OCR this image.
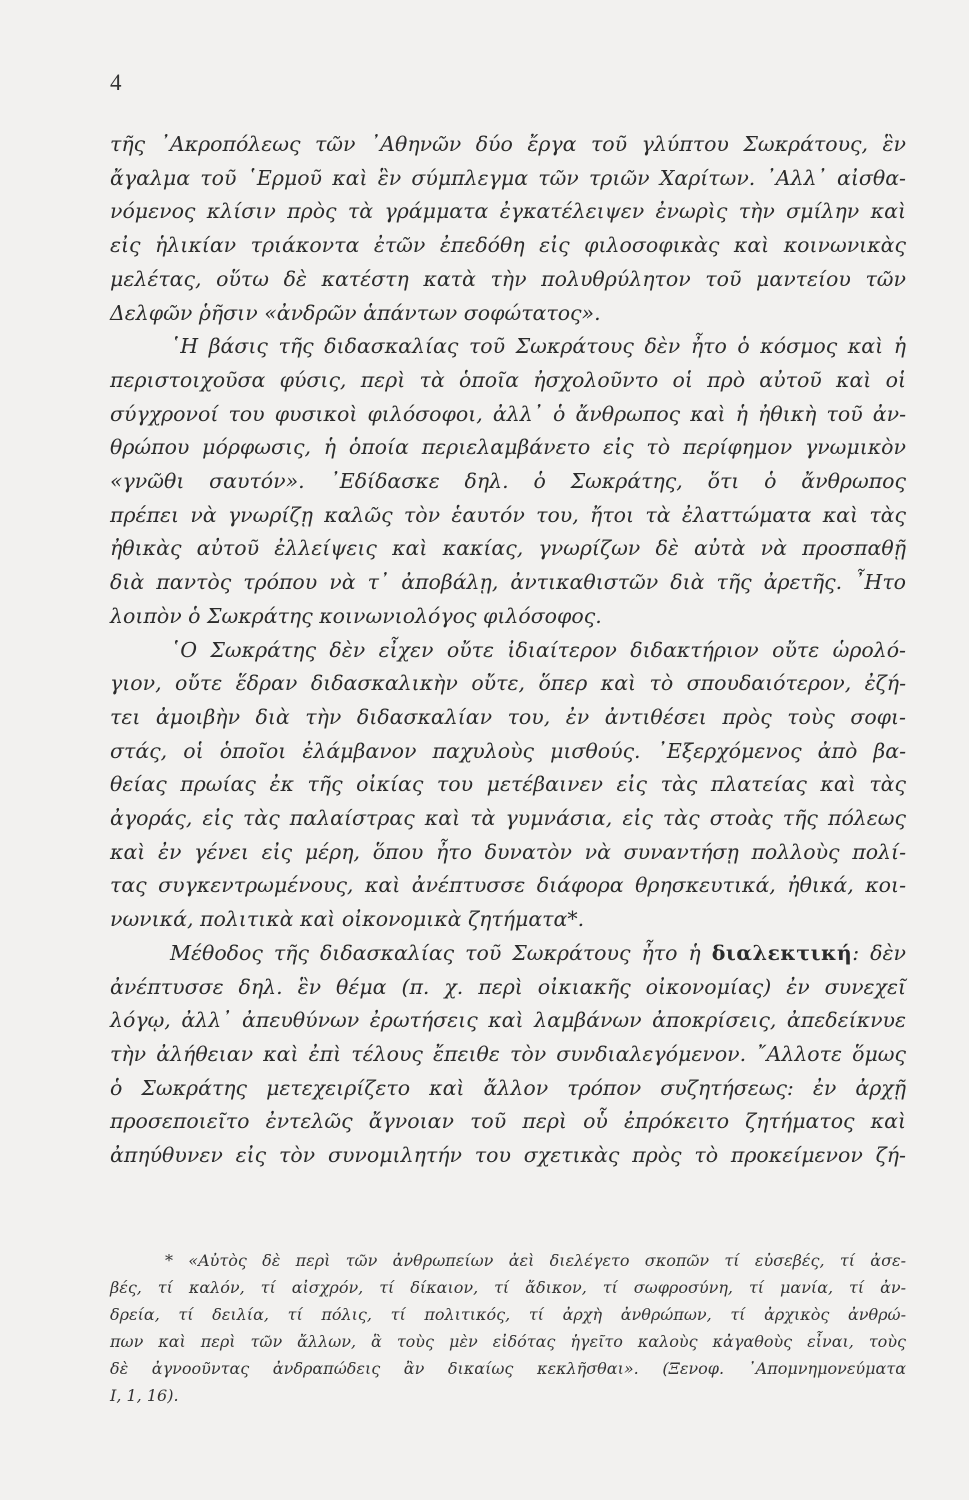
4
τῆς ᾽Ακροπόλεως τῶν ᾽Αθηνῶν δύο ἔργα τοῦ γλύπτου Σωκράτους, ἓν
ἄγαλμα τοῦ ῾Ερμοῦ καὶ ἓν σύμπλεγμα τῶν τριῶν Χαρίτων. ᾽Αλλ᾽ αἰσθα-
νόμενος κλίσιν πρὸς τὰ γράμματα ἐγκατέλειψεν ἐνωρὶς τὴν σμίλην καὶ
εἰς ἡλικίαν τριάκοντα ἐτῶν ἐπεδόθη εἰς φιλοσοφικὰς καὶ κοινωνικὰς
μελέτας, οὕτω δὲ κατέστη κατὰ τὴν πολυθρύλητον τοῦ μαντείου τῶν
Δελφῶν ῥῆσιν «ἀνδρῶν ἁπάντων σοφώτατος».
῾Η βάσις τῆς διδασκαλίας τοῦ Σωκράτους δὲν ἦτο ὁ κόσμος καὶ ἡ
περιστοιχοῦσα φύσις, περὶ τὰ ὁποῖα ἠσχολοῦντο οἱ πρὸ αὐτοῦ καὶ οἱ
σύγχρονοί του φυσικοὶ φιλόσοφοι, ἀλλ᾽ ὁ ἄνθρωπος καὶ ἡ ἠθικὴ τοῦ ἀν-
θρώπου μόρφωσις, ἡ ὁποία περιελαμβάνετο εἰς τὸ περίφημον γνωμικὸν
«γνῶθι σαυτόν». ᾽Εδίδασκε δηλ. ὁ Σωκράτης, ὅτι ὁ ἄνθρωπος
πρέπει νὰ γνωρίζῃ καλῶς τὸν ἑαυτόν του, ἤτοι τὰ ἐλαττώματα καὶ τὰς
ἠθικὰς αὐτοῦ ἐλλείψεις καὶ κακίας, γνωρίζων δὲ αὐτὰ νὰ προσπαθῇ
διὰ παντὸς τρόπου νὰ τ᾽ ἀποβάλῃ, ἀντικαθιστῶν διὰ τῆς ἀρετῆς. ῏Ητο
λοιπὸν ὁ Σωκράτης κοινωνιολόγος φιλόσοφος.
῾Ο Σωκράτης δὲν εἶχεν οὔτε ἰδιαίτερον διδακτήριον οὔτε ὡρολό-
γιον, οὔτε ἕδραν διδασκαλικὴν οὔτε, ὅπερ καὶ τὸ σπουδαιότερον, ἐζή-
τει ἀμοιβὴν διὰ τὴν διδασκαλίαν του, ἐν ἀντιθέσει πρὸς τοὺς σοφι-
στάς, οἱ ὁποῖοι ἐλάμβανον παχυλοὺς μισθούς. ᾽Εξερχόμενος ἀπὸ βα-
θείας πρωίας ἐκ τῆς οἰκίας του μετέβαινεν εἰς τὰς πλατείας καὶ τὰς
ἀγοράς, εἰς τὰς παλαίστρας καὶ τὰ γυμνάσια, εἰς τὰς στοὰς τῆς πόλεως
καὶ ἐν γένει εἰς μέρη, ὅπου ἦτο δυνατὸν νὰ συναντήσῃ πολλοὺς πολί-
τας συγκεντρωμένους, καὶ ἀνέπτυσσε διάφορα θρησκευτικά, ἠθικά, κοι-
νωνικά, πολιτικὰ καὶ οἰκονομικὰ ζητήματα*.
Μέθοδος τῆς διδασκαλίας τοῦ Σωκράτους ἦτο ἡ διαλεκτική: δὲν
ἀνέπτυσσε δηλ. ἓν θέμα (π. χ. περὶ οἰκιακῆς οἰκονομίας) ἐν συνεχεῖ
λόγῳ, ἀλλ᾽ ἀπευθύνων ἐρωτήσεις καὶ λαμβάνων ἀποκρίσεις, ἀπεδείκνυε
τὴν ἀλήθειαν καὶ ἐπὶ τέλους ἔπειθε τὸν συνδιαλεγόμενον. ῎Αλλοτε ὅμως
ὁ Σωκράτης μετεχειρίζετο καὶ ἄλλον τρόπον συζητήσεως: ἐν ἀρχῇ
προσεποιεῖτο ἐντελῶς ἄγνοιαν τοῦ περὶ οὗ ἐπρόκειτο ζητήματος καὶ
ἀπηύθυνεν εἰς τὸν συνομιλητήν του σχετικὰς πρὸς τὸ προκείμενον ζή-
* «Αὐτὸς δὲ περὶ τῶν ἀνθρωπείων ἀεὶ διελέγετο σκοπῶν τί εὐσεβές, τί ἀσε-
βές, τί καλόν, τί αἰσχρόν, τί δίκαιον, τί ἄδικον, τί σωφροσύνη, τί μανία, τί ἀν-
δρεία, τί δειλία, τί πόλις, τί πολιτικός, τί ἀρχὴ ἀνθρώπων, τί ἀρχικὸς ἀνθρώ-
πων καὶ περὶ τῶν ἄλλων, ἃ τοὺς μὲν εἰδότας ἡγεῖτο καλοὺς κἀγαθοὺς εἶναι, τοὺς
δὲ ἀγνοοῦντας ἀνδραπώδεις ἂν δικαίως κεκλῆσθαι». (Ξενοφ. ᾽Απομνημονεύματα
I, 1, 16).
